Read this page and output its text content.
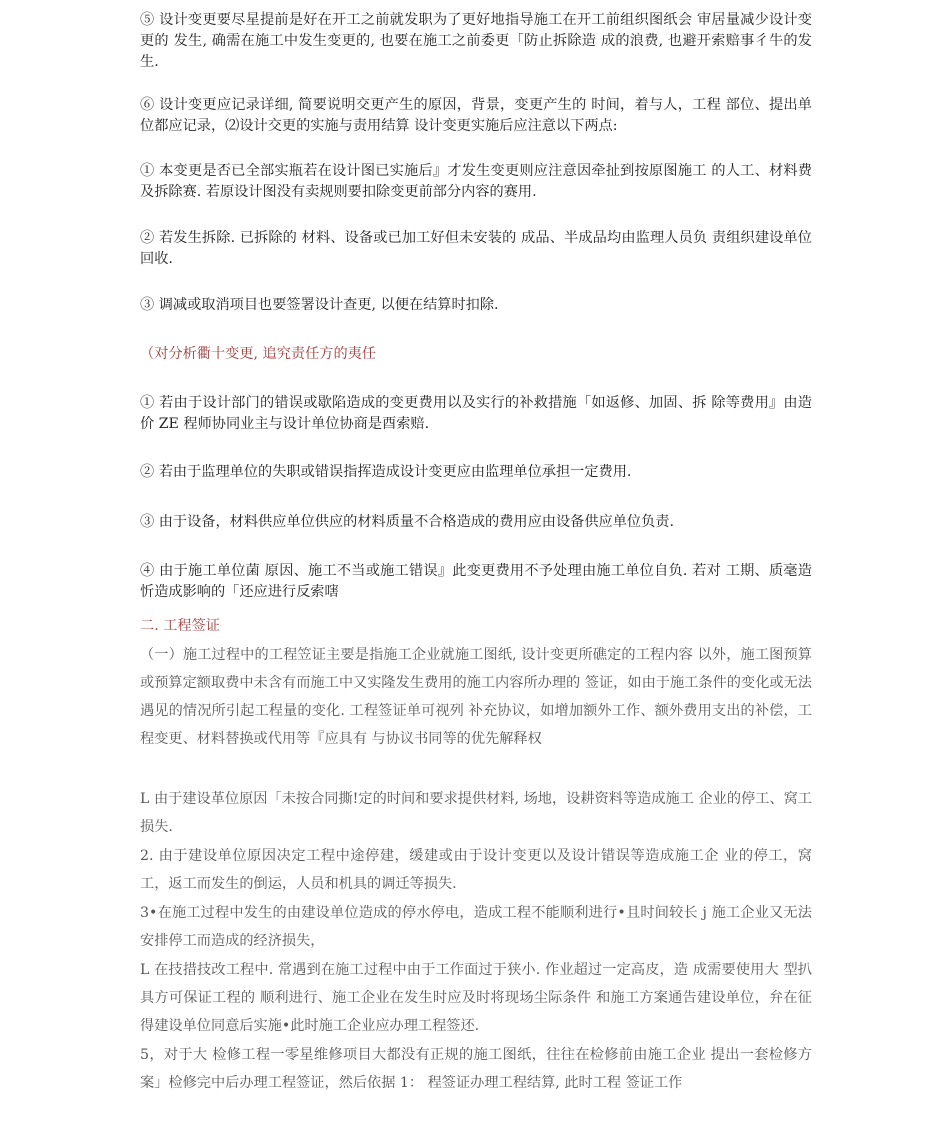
⑤ 设计变更要尽星提前是好在开工之前就发职为了更好地指导施工在开工前组织图纸会 审居量减少设计变更的 发生, 确需在施工中发生变更的, 也要在施工之前委更「防止拆除造 成的浪费, 也避开索赔事彳牛的发生.

⑥ 设计变更应记录详细, 简要说明交更产生的原因，背景，变更产生的 时间，着与人，工程 部位、提出单位都应记录，⑵设计交更的实施与责用结算 设计变更实施后应注意以下两点:

① 本变更是否已全部实瓶若在设计图已实施后』才发生变更则应注意因牵扯到按原图施工 的人工、材料费及拆除赛. 若原设计图没有卖规则要扣除变更前部分内容的赛用.

② 若发生拆除. 已拆除的 材料、设备或已加工好但未安装的 成品、半成品均由监理人员负 责组织建设单位回收.

③ 调减或取消项目也要签署设计查更, 以便在结算时扣除.

（对分析衢十变更, 追究责任方的夷任

① 若由于设计部门的错误或歇陷造成的变更费用以及实行的补救措施「如返修、加固、拆 除等费用』由造价 ZE 程师协同业主与设计单位协商是酉索赔.

② 若由于监理单位的失职或错误指挥造成设计变更应由监理单位承担一定费用.

③ 由于设备，材料供应单位供应的材料质量不合格造成的费用应由设备供应单位负责.

④ 由于施工单位菌 原因、施工不当或施工错误』此变更费用不予处理由施工单位自负. 若对 工期、质毫造忻造成影响的「还应进行反索嗐

二. 工程签证

（一）施工过程中的工程笠证主要是指施工企业就施工图纸, 设计变更所礁定的工程内容 以外，施工图预算或预算定额取费中未含有而施工中又实隆发生费用的施工内容所办理的 签证，如由于施工条件的变化或无法遇见的情况所引起工程量的变化. 工程签证单可视列 补充协议，如增加额外工作、额外费用支出的补偿，工程变更、材料替换或代用等『应具有 与协议书同等的优先解释权

L 由于建设革位原因「未按合同撕!定的时间和要求提供材料, 场地，设耕资料等造成施工 企业的停工、窝工损失.

2. 由于建设单位原因决定工程中途停建，缓建或由于设计变更以及设计错误等造成施工企 业的停工，窝工，返工而发生的倒运，人员和机具的调迁等损失.

3•在施工过程中发生的由建设单位造成的停水停电，造成工程不能顺利进行•且时间较长 j 施工企业又无法安排停工而造成的经济损失，

L 在技措技改工程中. 常遇到在施工过程中由于工作面过于狭小. 作业超过一定高皮，造 成需要使用大 型扒具方可保证工程的 顺利进行、施工企业在发生时应及时将现场尘际条件 和施工方案通告建设单位，弁在征得建设单位同意后实施•此时施工企业应办理工程签还.

5，对于大 检修工程一零星维修项目大都没有正规的施工图纸，往往在检修前由施工企业 提出一套检修方案」检修完中后办理工程签证，然后依据 1： 程签证办理工程结算, 此时工程 签证工作
